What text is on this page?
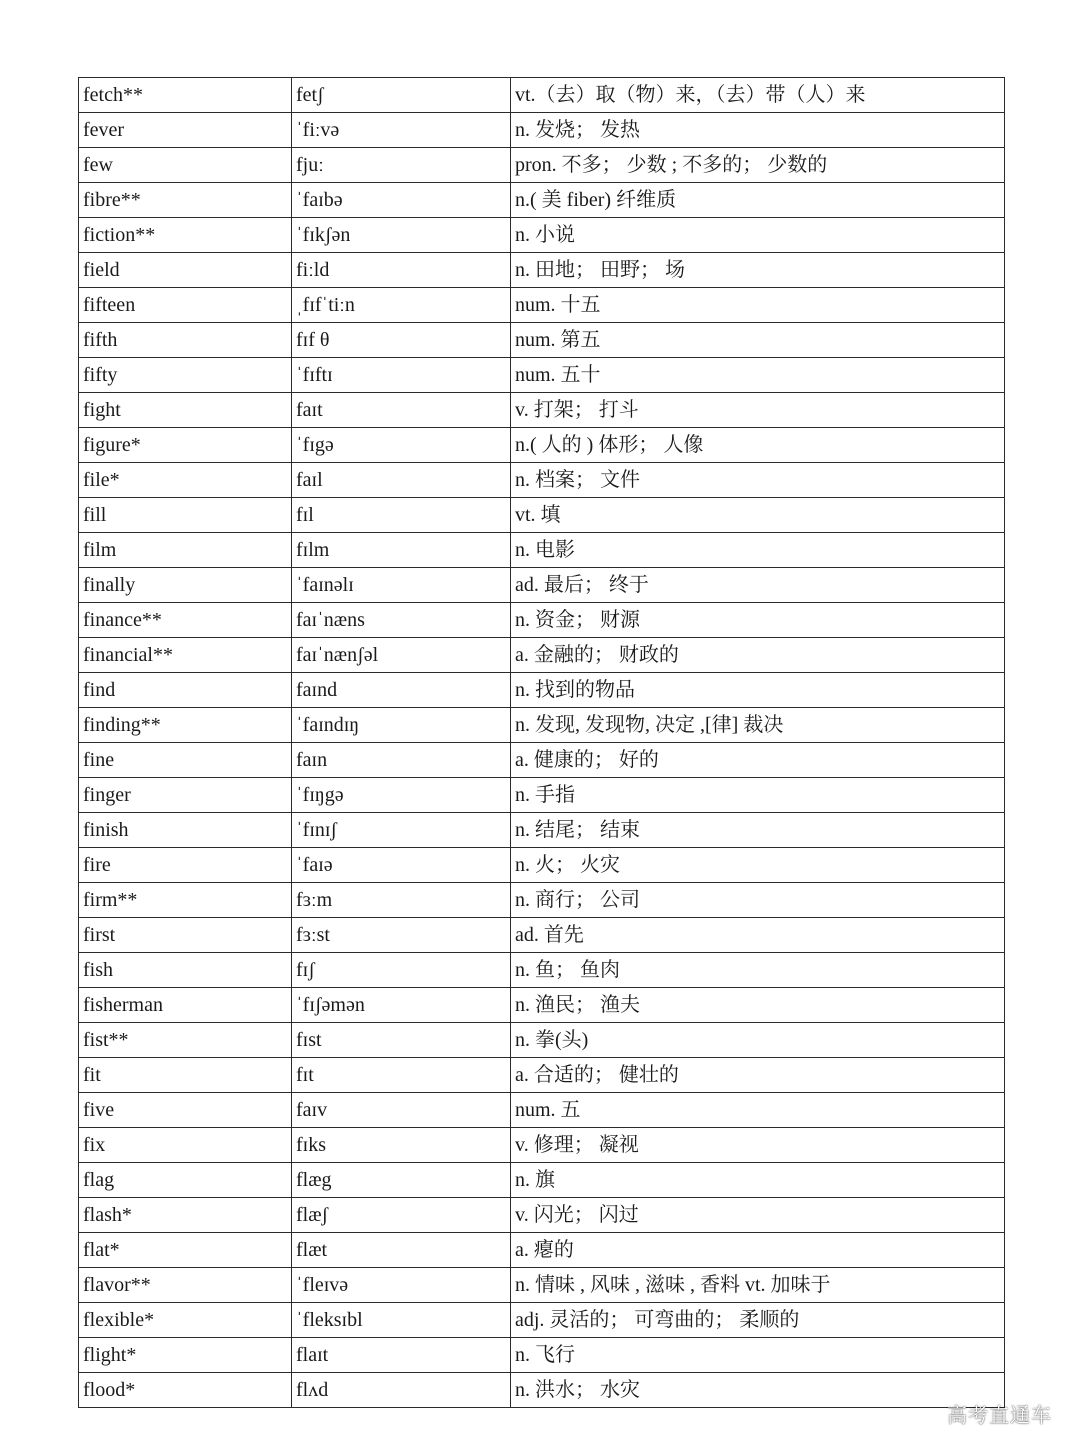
fetch**	fetʃ	vt.（去）取（物）来，（去）带（人）来
fever	ˈfiːvə	n. 发烧； 发热
few	fjuː	pron. 不多； 少数 ; 不多的； 少数的
fibre**	ˈfaɪbə	n.( 美 fiber) 纤维质
fiction**	ˈfɪkʃən	n. 小说
field	fiːld	n. 田地； 田野； 场
fifteen	ˌfɪfˈtiːn	num. 十五
fifth	fɪf θ	num. 第五
fifty	ˈfɪftɪ	num. 五十
fight	faɪt	v. 打架； 打斗
figure*	ˈfɪgə	n.( 人的 ) 体形； 人像
file*	faɪl	n. 档案； 文件
fill	fɪl	vt. 填
film	fɪlm	n. 电影
finally	ˈfaɪnəlɪ	ad. 最后； 终于
finance**	faɪˈnæns	n. 资金； 财源
financial**	faɪˈnænʃəl	a. 金融的； 财政的
find	faɪnd	n. 找到的物品
finding**	ˈfaɪndɪŋ	n. 发现, 发现物, 决定 ,[律] 裁决
fine	faɪn	a. 健康的； 好的
finger	ˈfɪŋgə	n. 手指
finish	ˈfɪnɪʃ	n. 结尾； 结束
fire	ˈfaɪə	n. 火； 火灾
firm**	fɜːm	n. 商行； 公司
first	fɜːst	ad. 首先
fish	fɪʃ	n. 鱼； 鱼肉
fisherman	ˈfɪʃəmən	n. 渔民； 渔夫
fist**	fɪst	n. 拳(头)
fit	fɪt	a. 合适的； 健壮的
five	faɪv	num. 五
fix	fɪks	v. 修理； 凝视
flag	flæg	n. 旗
flash*	flæʃ	v. 闪光； 闪过
flat*	flæt	a. 瘪的
flavor**	ˈfleɪvə	n. 情味 , 风味 , 滋味 , 香料 vt. 加味于
flexible*	ˈfleksɪbl	adj. 灵活的； 可弯曲的； 柔顺的
flight*	flaɪt	n. 飞行
flood*	flʌd	n. 洪水； 水灾
高考直通车
